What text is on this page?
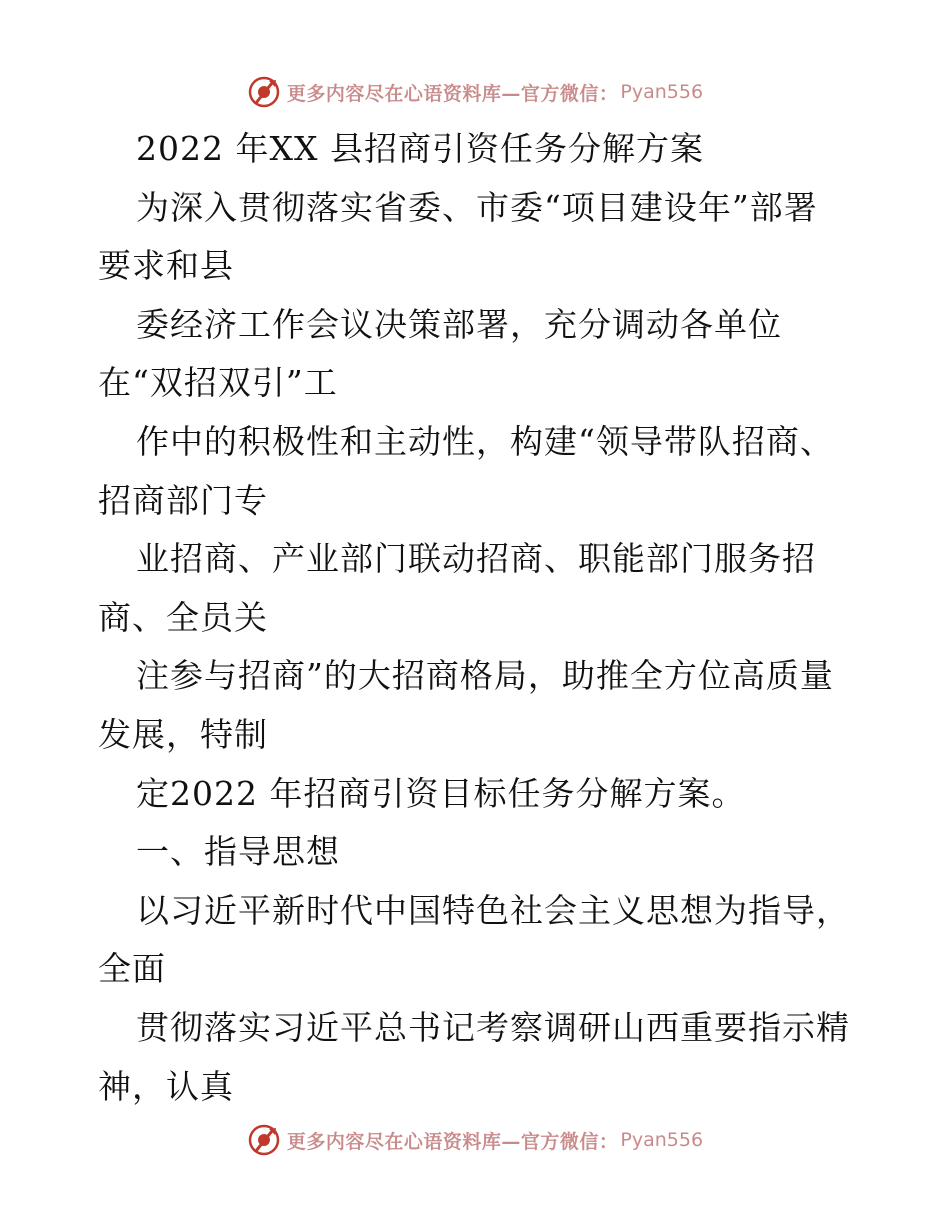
更多内容尽在心语资料库—官方微信： Pyan556
2022 年XX 县招商引资任务分解方案
为深入贯彻落实省委、市委“项目建设年”部署
要求和县
委经济工作会议决策部署，充分调动各单位
在“双招双引”工
作中的积极性和主动性，构建“领导带队招商、
招商部门专
业招商、产业部门联动招商、职能部门服务招
商、全员关
注参与招商”的大招商格局，助推全方位高质量
发展，特制
定2022 年招商引资目标任务分解方案。
一、指导思想
以习近平新时代中国特色社会主义思想为指导，
全面
贯彻落实习近平总书记考察调研山西重要指示精
神，认真
更多内容尽在心语资料库—官方微信： Pyan556
